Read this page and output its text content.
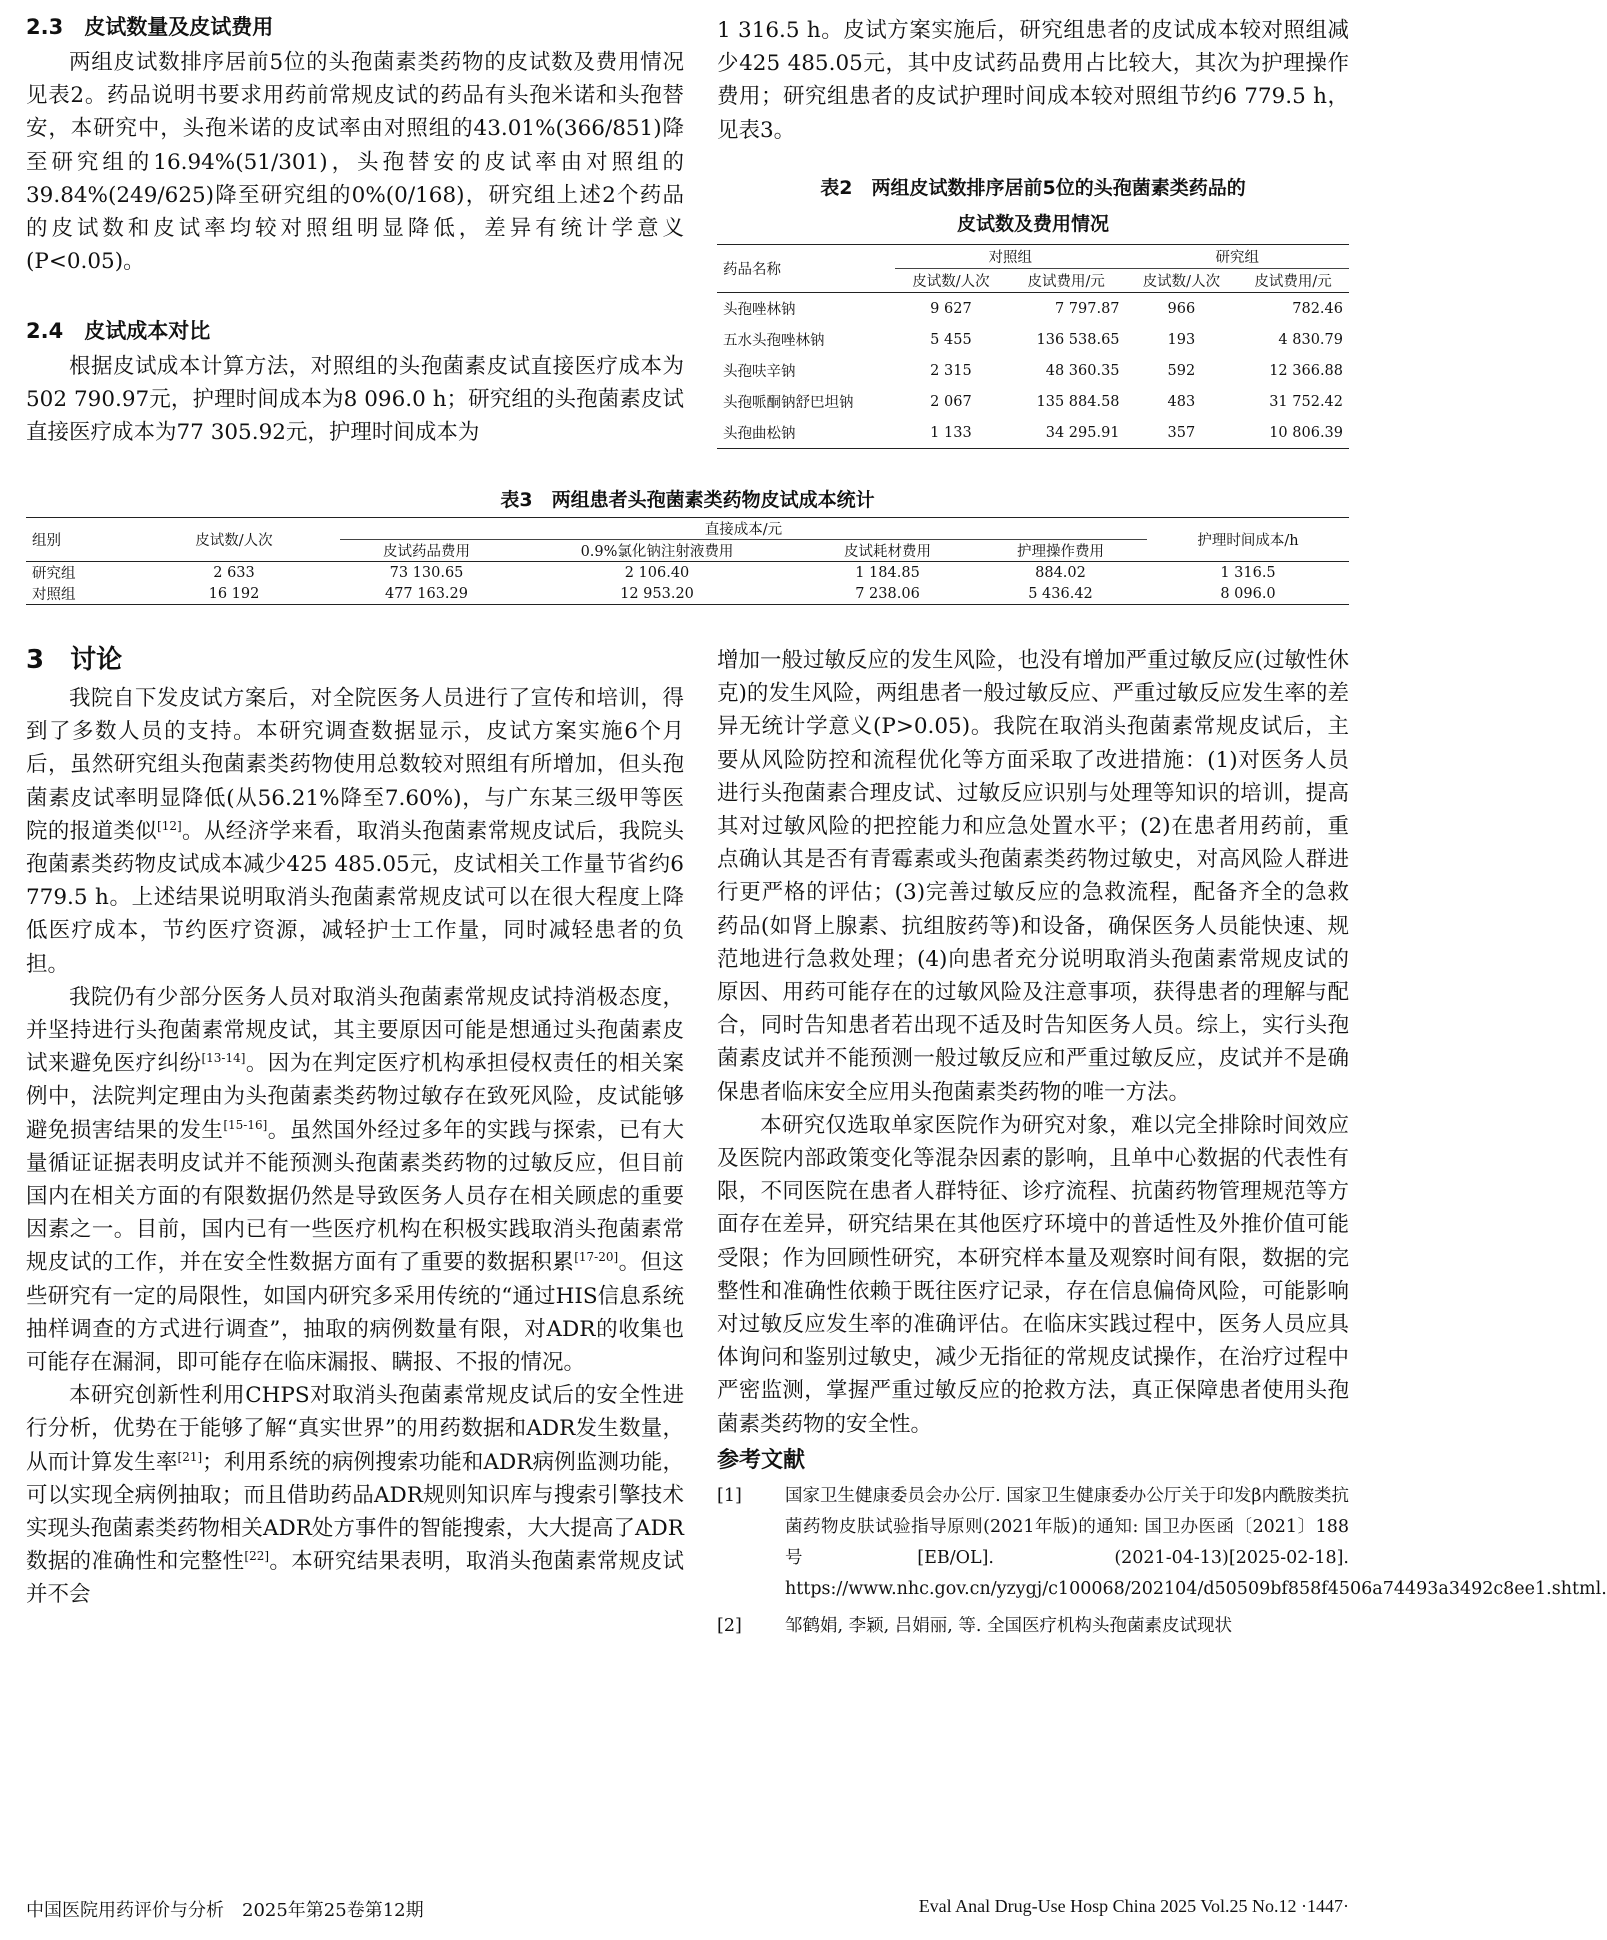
2.3　皮试数量及皮试费用

两组皮试数排序居前5位的头孢菌素类药物的皮试数及费用情况见表2。药品说明书要求用药前常规皮试的药品有头孢米诺和头孢替安，本研究中，头孢米诺的皮试率由对照组的43.01%(366/851)降至研究组的16.94%(51/301)，头孢替安的皮试率由对照组的39.84%(249/625)降至研究组的0%(0/168)，研究组上述2个药品的皮试数和皮试率均较对照组明显降低，差异有统计学意义(P<0.05)。

2.4　皮试成本对比

根据皮试成本计算方法，对照组的头孢菌素皮试直接医疗成本为502 790.97元，护理时间成本为8 096.0 h；研究组的头孢菌素皮试直接医疗成本为77 305.92元，护理时间成本为

1 316.5 h。皮试方案实施后，研究组患者的皮试成本较对照组减少425 485.05元，其中皮试药品费用占比较大，其次为护理操作费用；研究组患者的皮试护理时间成本较对照组节约6 779.5 h，见表3。

表2　两组皮试数排序居前5位的头孢菌素类药品的
皮试数及费用情况
药品名称	对照组		研究组	
	皮试数/人次	皮试费用/元	皮试数/人次	皮试费用/元
头孢唑林钠	9 627	7 797.87	966	782.46
五水头孢唑林钠	5 455	136 538.65	193	4 830.79
头孢呋辛钠	2 315	48 360.35	592	12 366.88
头孢哌酮钠舒巴坦钠	2 067	135 884.58	483	31 752.42
头孢曲松钠	1 133	34 295.91	357	10 806.39
表3　两组患者头孢菌素类药物皮试成本统计
组别	皮试数/人次	直接成本/元				护理时间成本/h
		皮试药品费用	0.9%氯化钠注射液费用	皮试耗材费用	护理操作费用	
研究组	2 633	73 130.65	2 106.40	1 184.85	884.02	1 316.5
对照组	16 192	477 163.29	12 953.20	7 238.06	5 436.42	8 096.0
3　讨论

我院自下发皮试方案后，对全院医务人员进行了宣传和培训，得到了多数人员的支持。本研究调查数据显示，皮试方案实施6个月后，虽然研究组头孢菌素类药物使用总数较对照组有所增加，但头孢菌素皮试率明显降低(从56.21%降至7.60%)，与广东某三级甲等医院的报道类似[12]。从经济学来看，取消头孢菌素常规皮试后，我院头孢菌素类药物皮试成本减少425 485.05元，皮试相关工作量节省约6 779.5 h。上述结果说明取消头孢菌素常规皮试可以在很大程度上降低医疗成本，节约医疗资源，减轻护士工作量，同时减轻患者的负担。

我院仍有少部分医务人员对取消头孢菌素常规皮试持消极态度，并坚持进行头孢菌素常规皮试，其主要原因可能是想通过头孢菌素皮试来避免医疗纠纷[13-14]。因为在判定医疗机构承担侵权责任的相关案例中，法院判定理由为头孢菌素类药物过敏存在致死风险，皮试能够避免损害结果的发生[15-16]。虽然国外经过多年的实践与探索，已有大量循证证据表明皮试并不能预测头孢菌素类药物的过敏反应，但目前国内在相关方面的有限数据仍然是导致医务人员存在相关顾虑的重要因素之一。目前，国内已有一些医疗机构在积极实践取消头孢菌素常规皮试的工作，并在安全性数据方面有了重要的数据积累[17-20]。但这些研究有一定的局限性，如国内研究多采用传统的“通过HIS信息系统抽样调查的方式进行调查”，抽取的病例数量有限，对ADR的收集也可能存在漏洞，即可能存在临床漏报、瞒报、不报的情况。

本研究创新性利用CHPS对取消头孢菌素常规皮试后的安全性进行分析，优势在于能够了解“真实世界”的用药数据和ADR发生数量，从而计算发生率[21]；利用系统的病例搜索功能和ADR病例监测功能，可以实现全病例抽取；而且借助药品ADR规则知识库与搜索引擎技术实现头孢菌素类药物相关ADR处方事件的智能搜索，大大提高了ADR数据的准确性和完整性[22]。本研究结果表明，取消头孢菌素常规皮试并不会

增加一般过敏反应的发生风险，也没有增加严重过敏反应(过敏性休克)的发生风险，两组患者一般过敏反应、严重过敏反应发生率的差异无统计学意义(P>0.05)。我院在取消头孢菌素常规皮试后，主要从风险防控和流程优化等方面采取了改进措施：(1)对医务人员进行头孢菌素合理皮试、过敏反应识别与处理等知识的培训，提高其对过敏风险的把控能力和应急处置水平；(2)在患者用药前，重点确认其是否有青霉素或头孢菌素类药物过敏史，对高风险人群进行更严格的评估；(3)完善过敏反应的急救流程，配备齐全的急救药品(如肾上腺素、抗组胺药等)和设备，确保医务人员能快速、规范地进行急救处理；(4)向患者充分说明取消头孢菌素常规皮试的原因、用药可能存在的过敏风险及注意事项，获得患者的理解与配合，同时告知患者若出现不适及时告知医务人员。综上，实行头孢菌素皮试并不能预测一般过敏反应和严重过敏反应，皮试并不是确保患者临床安全应用头孢菌素类药物的唯一方法。

本研究仅选取单家医院作为研究对象，难以完全排除时间效应及医院内部政策变化等混杂因素的影响，且单中心数据的代表性有限，不同医院在患者人群特征、诊疗流程、抗菌药物管理规范等方面存在差异，研究结果在其他医疗环境中的普适性及外推价值可能受限；作为回顾性研究，本研究样本量及观察时间有限，数据的完整性和准确性依赖于既往医疗记录，存在信息偏倚风险，可能影响对过敏反应发生率的准确评估。在临床实践过程中，医务人员应具体询问和鉴别过敏史，减少无指征的常规皮试操作，在治疗过程中严密监测，掌握严重过敏反应的抢救方法，真正保障患者使用头孢菌素类药物的安全性。

参考文献
[1] 国家卫生健康委员会办公厅. 国家卫生健康委办公厅关于印发β内酰胺类抗菌药物皮肤试验指导原则(2021年版)的通知: 国卫办医函〔2021〕188号[EB/OL]. (2021-04-13)[2025-02-18]. https://www.nhc.gov.cn/yzygj/c100068/202104/d50509bf858f4506a74493a3492c8ee1.shtml.
[2] 邹鹤娟, 李颖, 吕娟丽, 等. 全国医疗机构头孢菌素皮试现状
中国医院用药评价与分析　2025年第25卷第12期	Eval Anal Drug-Use Hosp China 2025 Vol.25 No.12 ·1447·
